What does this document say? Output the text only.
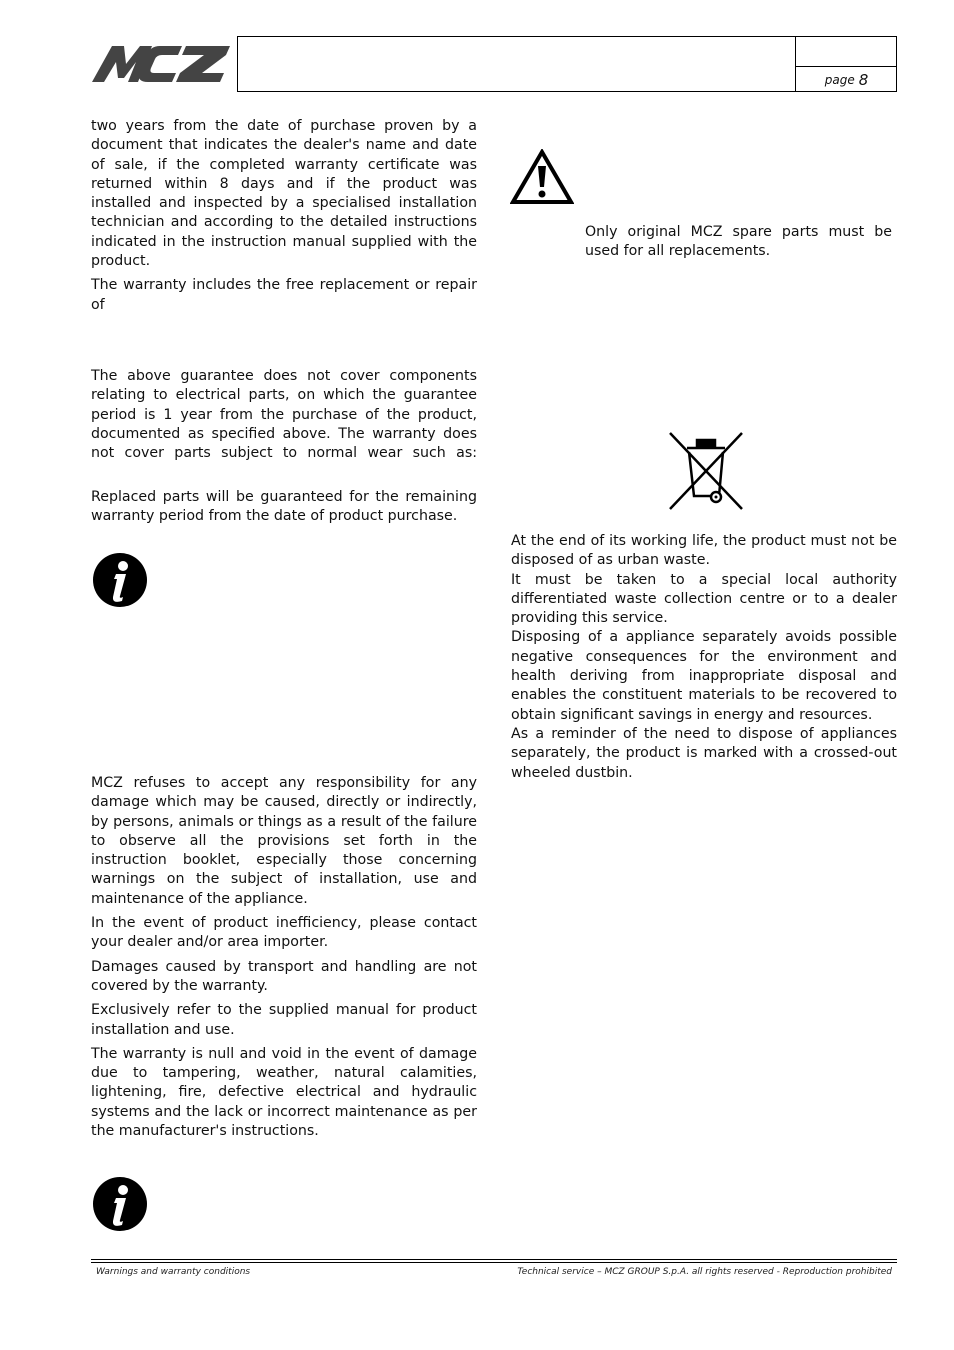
page 8

two years from the date of purchase proven by a document that indicates the dealer's name and date of sale, if the completed warranty certificate was returned within 8 days and if the product was installed and inspected by a specialised installation technician and according to the detailed instructions indicated in the instruction manual supplied with the product.

The warranty includes the free replacement or repair of

The above guarantee does not cover components relating to electrical parts, on which the guarantee period is 1 year from the purchase of the product, documented as specified above. The warranty does not cover parts subject to normal wear such as:

Replaced parts will be guaranteed for the remaining warranty period from the date of product purchase.

MCZ refuses to accept any responsibility for any damage which may be caused, directly or indirectly, by persons, animals or things as a result of the failure to observe all the provisions set forth in the instruction booklet, especially those concerning warnings on the subject of installation, use and maintenance of the appliance.

In the event of product inefficiency, please contact your dealer and/or area importer.

Damages caused by transport and handling are not covered by the warranty.

Exclusively refer to the supplied manual for product installation and use.

The warranty is null and void in the event of damage due to tampering, weather, natural calamities, lightening, fire, defective electrical and hydraulic systems and the lack or incorrect maintenance as per the manufacturer's instructions.

Only original MCZ spare parts must be used for all replacements.

At the end of its working life, the product must not be disposed of as urban waste.

It must be taken to a special local authority differentiated waste collection centre or to a dealer providing this service.

Disposing of a appliance separately avoids possible negative consequences for the environment and health deriving from inappropriate disposal and enables the constituent materials to be recovered to obtain significant savings in energy and resources.

As a reminder of the need to dispose of appliances separately, the product is marked with a crossed-out wheeled dustbin.

Warnings and warranty conditions	Technical service – MCZ GROUP S.p.A. all rights reserved - Reproduction prohibited
